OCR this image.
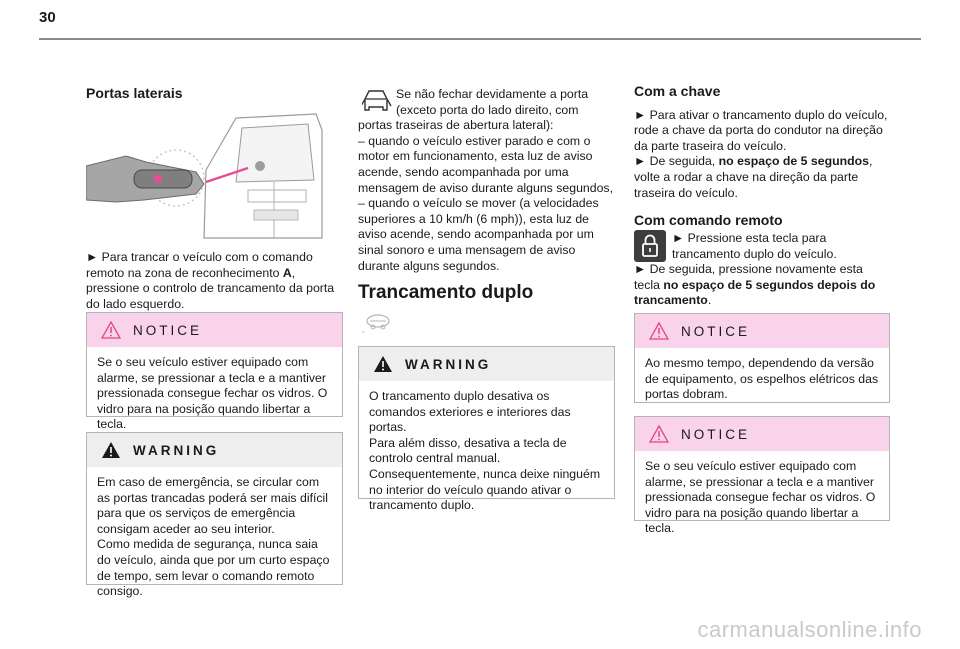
30
Portas laterais

► Para trancar o veículo com o comando remoto na zona de reconhecimento A, pressione o controlo de trancamento da porta do lado esquerdo.

NOTICE
Se o seu veículo estiver equipado com alarme, se pressionar a tecla e a mantiver pressionada consegue fechar os vidros. O vidro para na posição quando libertar a tecla.
WARNING
Em caso de emergência, se circular com as portas trancadas poderá ser mais difícil para que os serviços de emergência consigam aceder ao seu interior.
Como medida de segurança, nunca saia do veículo, ainda que por um curto espaço de tempo, sem levar o comando remoto consigo.
Se não fechar devidamente a porta
(exceto porta do lado direito, com portas traseiras de abertura lateral):
– quando o veículo estiver parado e com o motor em funcionamento, esta luz de aviso acende, sendo acompanhada por uma mensagem de aviso durante alguns segundos,
– quando o veículo se mover (a velocidades superiores a 10 km/h (6 mph)), esta luz de aviso acende, sendo acompanhada por um sinal sonoro e uma mensagem de aviso durante alguns segundos.
Trancamento duplo
WARNING
O trancamento duplo desativa os comandos exteriores e interiores das portas.
Para além disso, desativa a tecla de controlo central manual.
Consequentemente, nunca deixe ninguém no interior do veículo quando ativar o trancamento duplo.
Com a chave
► Para ativar o trancamento duplo do veículo, rode a chave da porta do condutor na direção da parte traseira do veículo.
► De seguida, no espaço de 5 segundos, volte a rodar a chave na direção da parte traseira do veículo.
Com comando remoto
► Pressione esta tecla para trancamento duplo do veículo.
► De seguida, pressione novamente esta tecla no espaço de 5 segundos depois do trancamento.
NOTICE
Ao mesmo tempo, dependendo da versão de equipamento, os espelhos elétricos das portas dobram.
NOTICE
Se o seu veículo estiver equipado com alarme, se pressionar a tecla e a mantiver pressionada consegue fechar os vidros. O vidro para na posição quando libertar a tecla.
carmanualsonline.info
